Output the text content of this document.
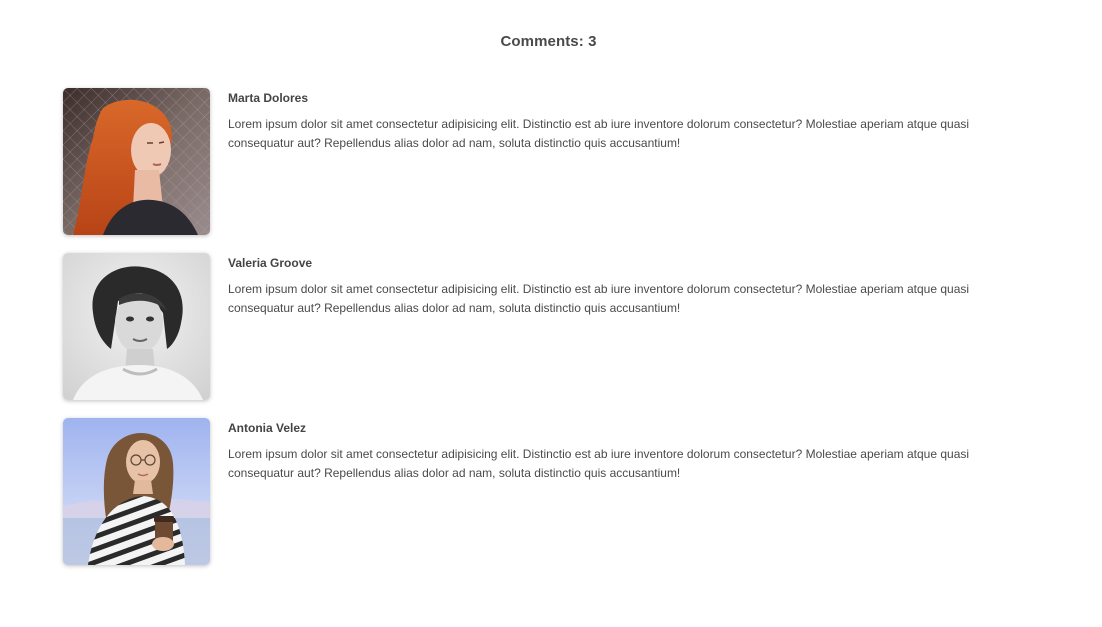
Comments: 3
Marta Dolores
Lorem ipsum dolor sit amet consectetur adipisicing elit. Distinctio est ab iure inventore dolorum consectetur? Molestiae aperiam atque quasi consequatur aut? Repellendus alias dolor ad nam, soluta distinctio quis accusantium!
Valeria Groove
Lorem ipsum dolor sit amet consectetur adipisicing elit. Distinctio est ab iure inventore dolorum consectetur? Molestiae aperiam atque quasi consequatur aut? Repellendus alias dolor ad nam, soluta distinctio quis accusantium!
Antonia Velez
Lorem ipsum dolor sit amet consectetur adipisicing elit. Distinctio est ab iure inventore dolorum consectetur? Molestiae aperiam atque quasi consequatur aut? Repellendus alias dolor ad nam, soluta distinctio quis accusantium!
